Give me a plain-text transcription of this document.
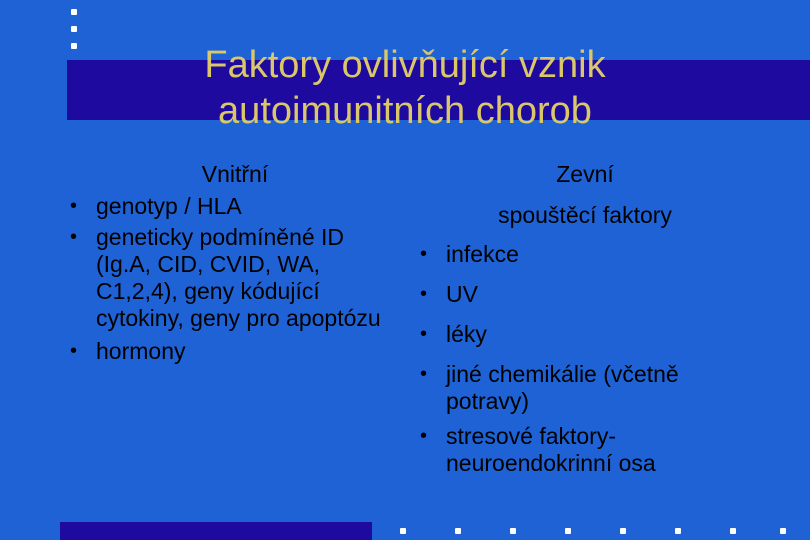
Faktory ovlivňující vznik
autoimunitních chorob
Vnitřní
• genotyp / HLA
• geneticky podmíněné ID (Ig.A, CID, CVID, WA, C1,2,4), geny kódující cytokiny, geny pro apoptózu
• hormony
Zevní
spouštěcí faktory
• infekce
• UV
• léky
• jiné chemikálie (včetně potravy)
• stresové faktory-neuroendokrinní osa
